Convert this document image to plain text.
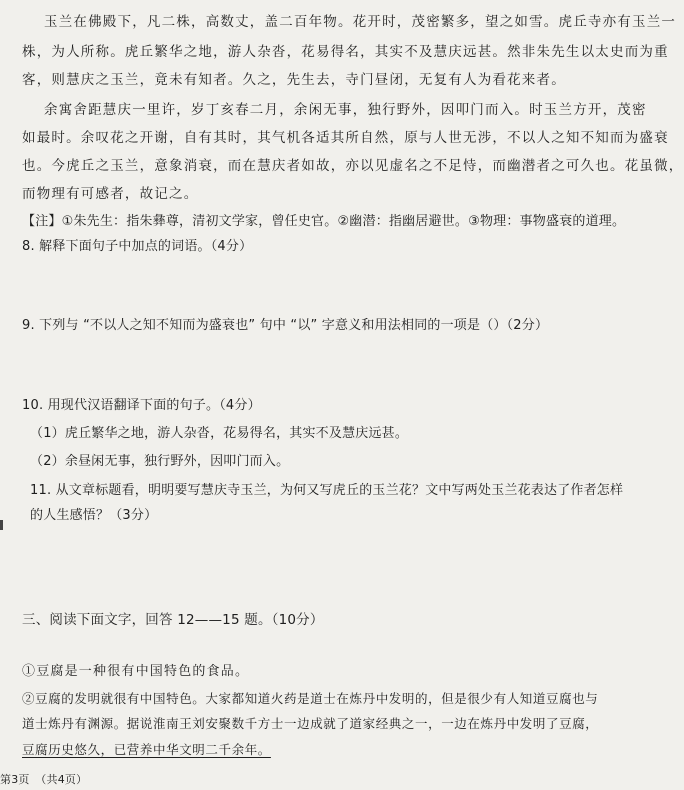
玉兰在佛殿下，凡二株，高数丈，盖二百年物。花开时，茂密繁多，望之如雪。虎丘寺亦有玉兰一
株，为人所称。虎丘繁华之地，游人杂沓，花易得名，其实不及慧庆远甚。然非朱先生以太史而为重
客，则慧庆之玉兰，竟未有知者。久之，先生去，寺门昼闭，无复有人为看花来者。
余寓舍距慧庆一里许，岁丁亥春二月，余闲无事，独行野外，因叩门而入。时玉兰方开，茂密
如最时。余叹花之开谢，自有其时，其气机各适其所自然，原与人世无涉，不以人之知不知而为盛衰
也。今虎丘之玉兰，意象消衰，而在慧庆者如故，亦以见虚名之不足恃，而幽潜者之可久也。花虽微，
而物理有可感者，故记之。
【注】①朱先生：指朱彝尊，清初文学家，曾任史官。②幽潜：指幽居避世。③物理：事物盛衰的道理。
8. 解释下面句子中加点的词语。（4分）
9. 下列与 “不以人之知不知而为盛衰也” 句中 “以” 字意义和用法相同的一项是（）（2分）
10. 用现代汉语翻译下面的句子。（4分）
（1）虎丘繁华之地，游人杂沓，花易得名，其实不及慧庆远甚。
（2）余昼闲无事，独行野外，因叩门而入。
11. 从文章标题看，明明要写慧庆寺玉兰，为何又写虎丘的玉兰花？文中写两处玉兰花表达了作者怎样
的人生感悟？（3分）
三、阅读下面文字，回答 12——15 题。（10分）
①豆腐是一种很有中国特色的食品。
②豆腐的发明就很有中国特色。大家都知道火药是道士在炼丹中发明的，但是很少有人知道豆腐也与
道士炼丹有渊源。据说淮南王刘安聚数千方士一边成就了道家经典之一，一边在炼丹中发明了豆腐，
豆腐历史悠久，已营养中华文明二千余年。
第3页　（共4页）
